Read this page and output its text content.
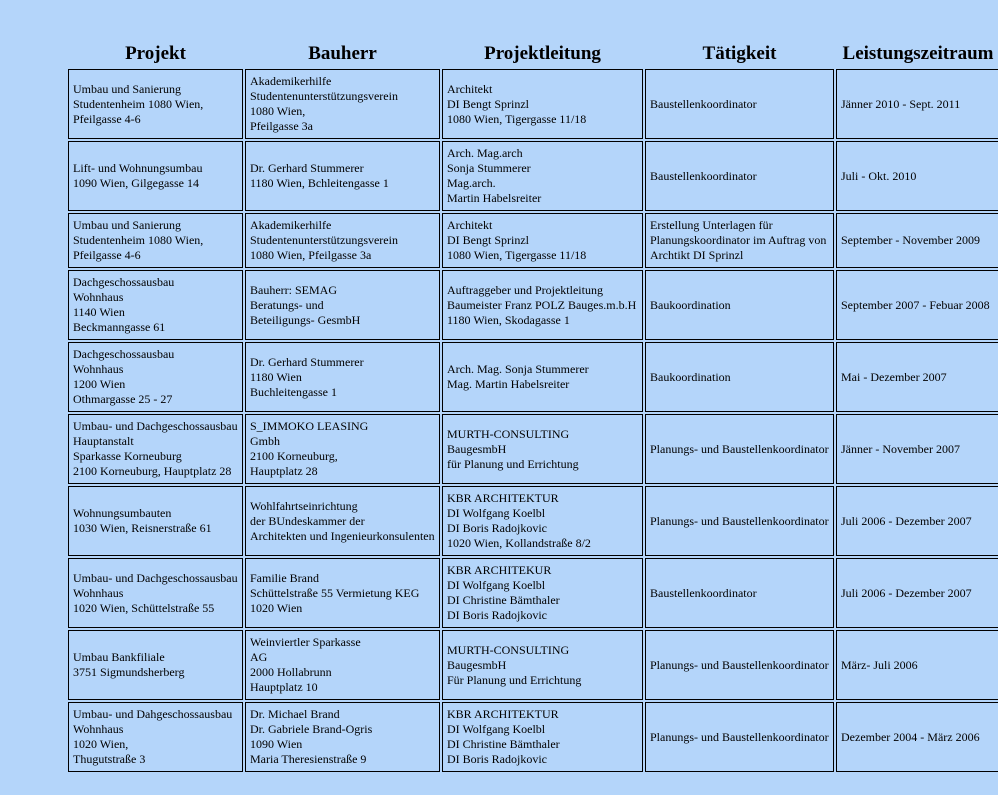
Projekt	Bauherr	Projektleitung	Tätigkeit	Leistungszeitraum

Umbau und Sanierung
Studentenheim 1080 Wien,
Pfeilgasse 4-6	Akademikerhilfe
Studentenunterstützungsverein
1080 Wien,
Pfeilgasse 3a	Architekt
DI Bengt Sprinzl
1080 Wien, Tigergasse 11/18	Baustellenkoordinator	Jänner 2010 - Sept. 2011

Lift- und Wohnungsumbau
1090 Wien, Gilgegasse 14	Dr. Gerhard Stummerer
1180 Wien, Bchleitengasse 1	Arch. Mag.arch
Sonja Stummerer
Mag.arch.
Martin Habelsreiter	Baustellenkoordinator	Juli - Okt. 2010

Umbau und Sanierung
Studentenheim 1080 Wien,
Pfeilgasse 4-6	Akademikerhilfe
Studentenunterstützungsverein
1080 Wien, Pfeilgasse 3a	Architekt
DI Bengt Sprinzl
1080 Wien, Tigergasse 11/18	Erstellung Unterlagen für
Planungskoordinator im Auftrag von
Archtikt DI Sprinzl	September - November 2009

Dachgeschossausbau
Wohnhaus
1140 Wien
Beckmanngasse 61	Bauherr: SEMAG
Beratungs- und
Beteiligungs- GesmbH	Auftraggeber und Projektleitung
Baumeister Franz POLZ Bauges.m.b.H
1180 Wien, Skodagasse 1	Baukoordination	September 2007 - Febuar 2008

Dachgeschossausbau
Wohnhaus
1200 Wien
Othmargasse 25 - 27	Dr. Gerhard Stummerer
1180 Wien
Buchleitengasse 1	Arch. Mag. Sonja Stummerer
Mag. Martin Habelsreiter	Baukoordination	Mai - Dezember 2007

Umbau- und Dachgeschossausbau
Hauptanstalt
Sparkasse Korneuburg
2100 Korneuburg, Hauptplatz 28	S_IMMOKO LEASING
Gmbh
2100 Korneuburg,
Hauptplatz 28	MURTH-CONSULTING
BaugesmbH
für Planung und Errichtung	Planungs- und Baustellenkoordinator	Jänner - November 2007

Wohnungsumbauten
1030 Wien, Reisnerstraße 61	Wohlfahrtseinrichtung
der BUndeskammer der
Architekten und Ingenieurkonsulenten	KBR ARCHITEKTUR
DI Wolfgang Koelbl
DI Boris Radojkovic
1020 Wien, Kollandstraße 8/2	Planungs- und Baustellenkoordinator	Juli 2006 - Dezember 2007

Umbau- und Dachgeschossausbau
Wohnhaus
1020 Wien, Schüttelstraße 55	Familie Brand
Schüttelstraße 55 Vermietung KEG
1020 Wien	KBR ARCHITEKUR
DI Wolfgang Koelbl
DI Christine Bämthaler
DI Boris Radojkovic	Baustellenkoordinator	Juli 2006 - Dezember 2007

Umbau Bankfiliale
3751 Sigmundsherberg	Weinviertler Sparkasse
AG
2000 Hollabrunn
Hauptplatz 10	MURTH-CONSULTING
BaugesmbH
Für Planung und Errichtung	Planungs- und Baustellenkoordinator	März- Juli 2006

Umbau- und Dahgeschossausbau
Wohnhaus
1020 Wien,
Thugutstraße 3	Dr. Michael Brand
Dr. Gabriele Brand-Ogris
1090 Wien
Maria Theresienstraße 9	KBR ARCHITEKTUR
DI Wolfgang Koelbl
DI Christine Bämthaler
DI Boris Radojkovic	Planungs- und Baustellenkoordinator	Dezember 2004 - März 2006
